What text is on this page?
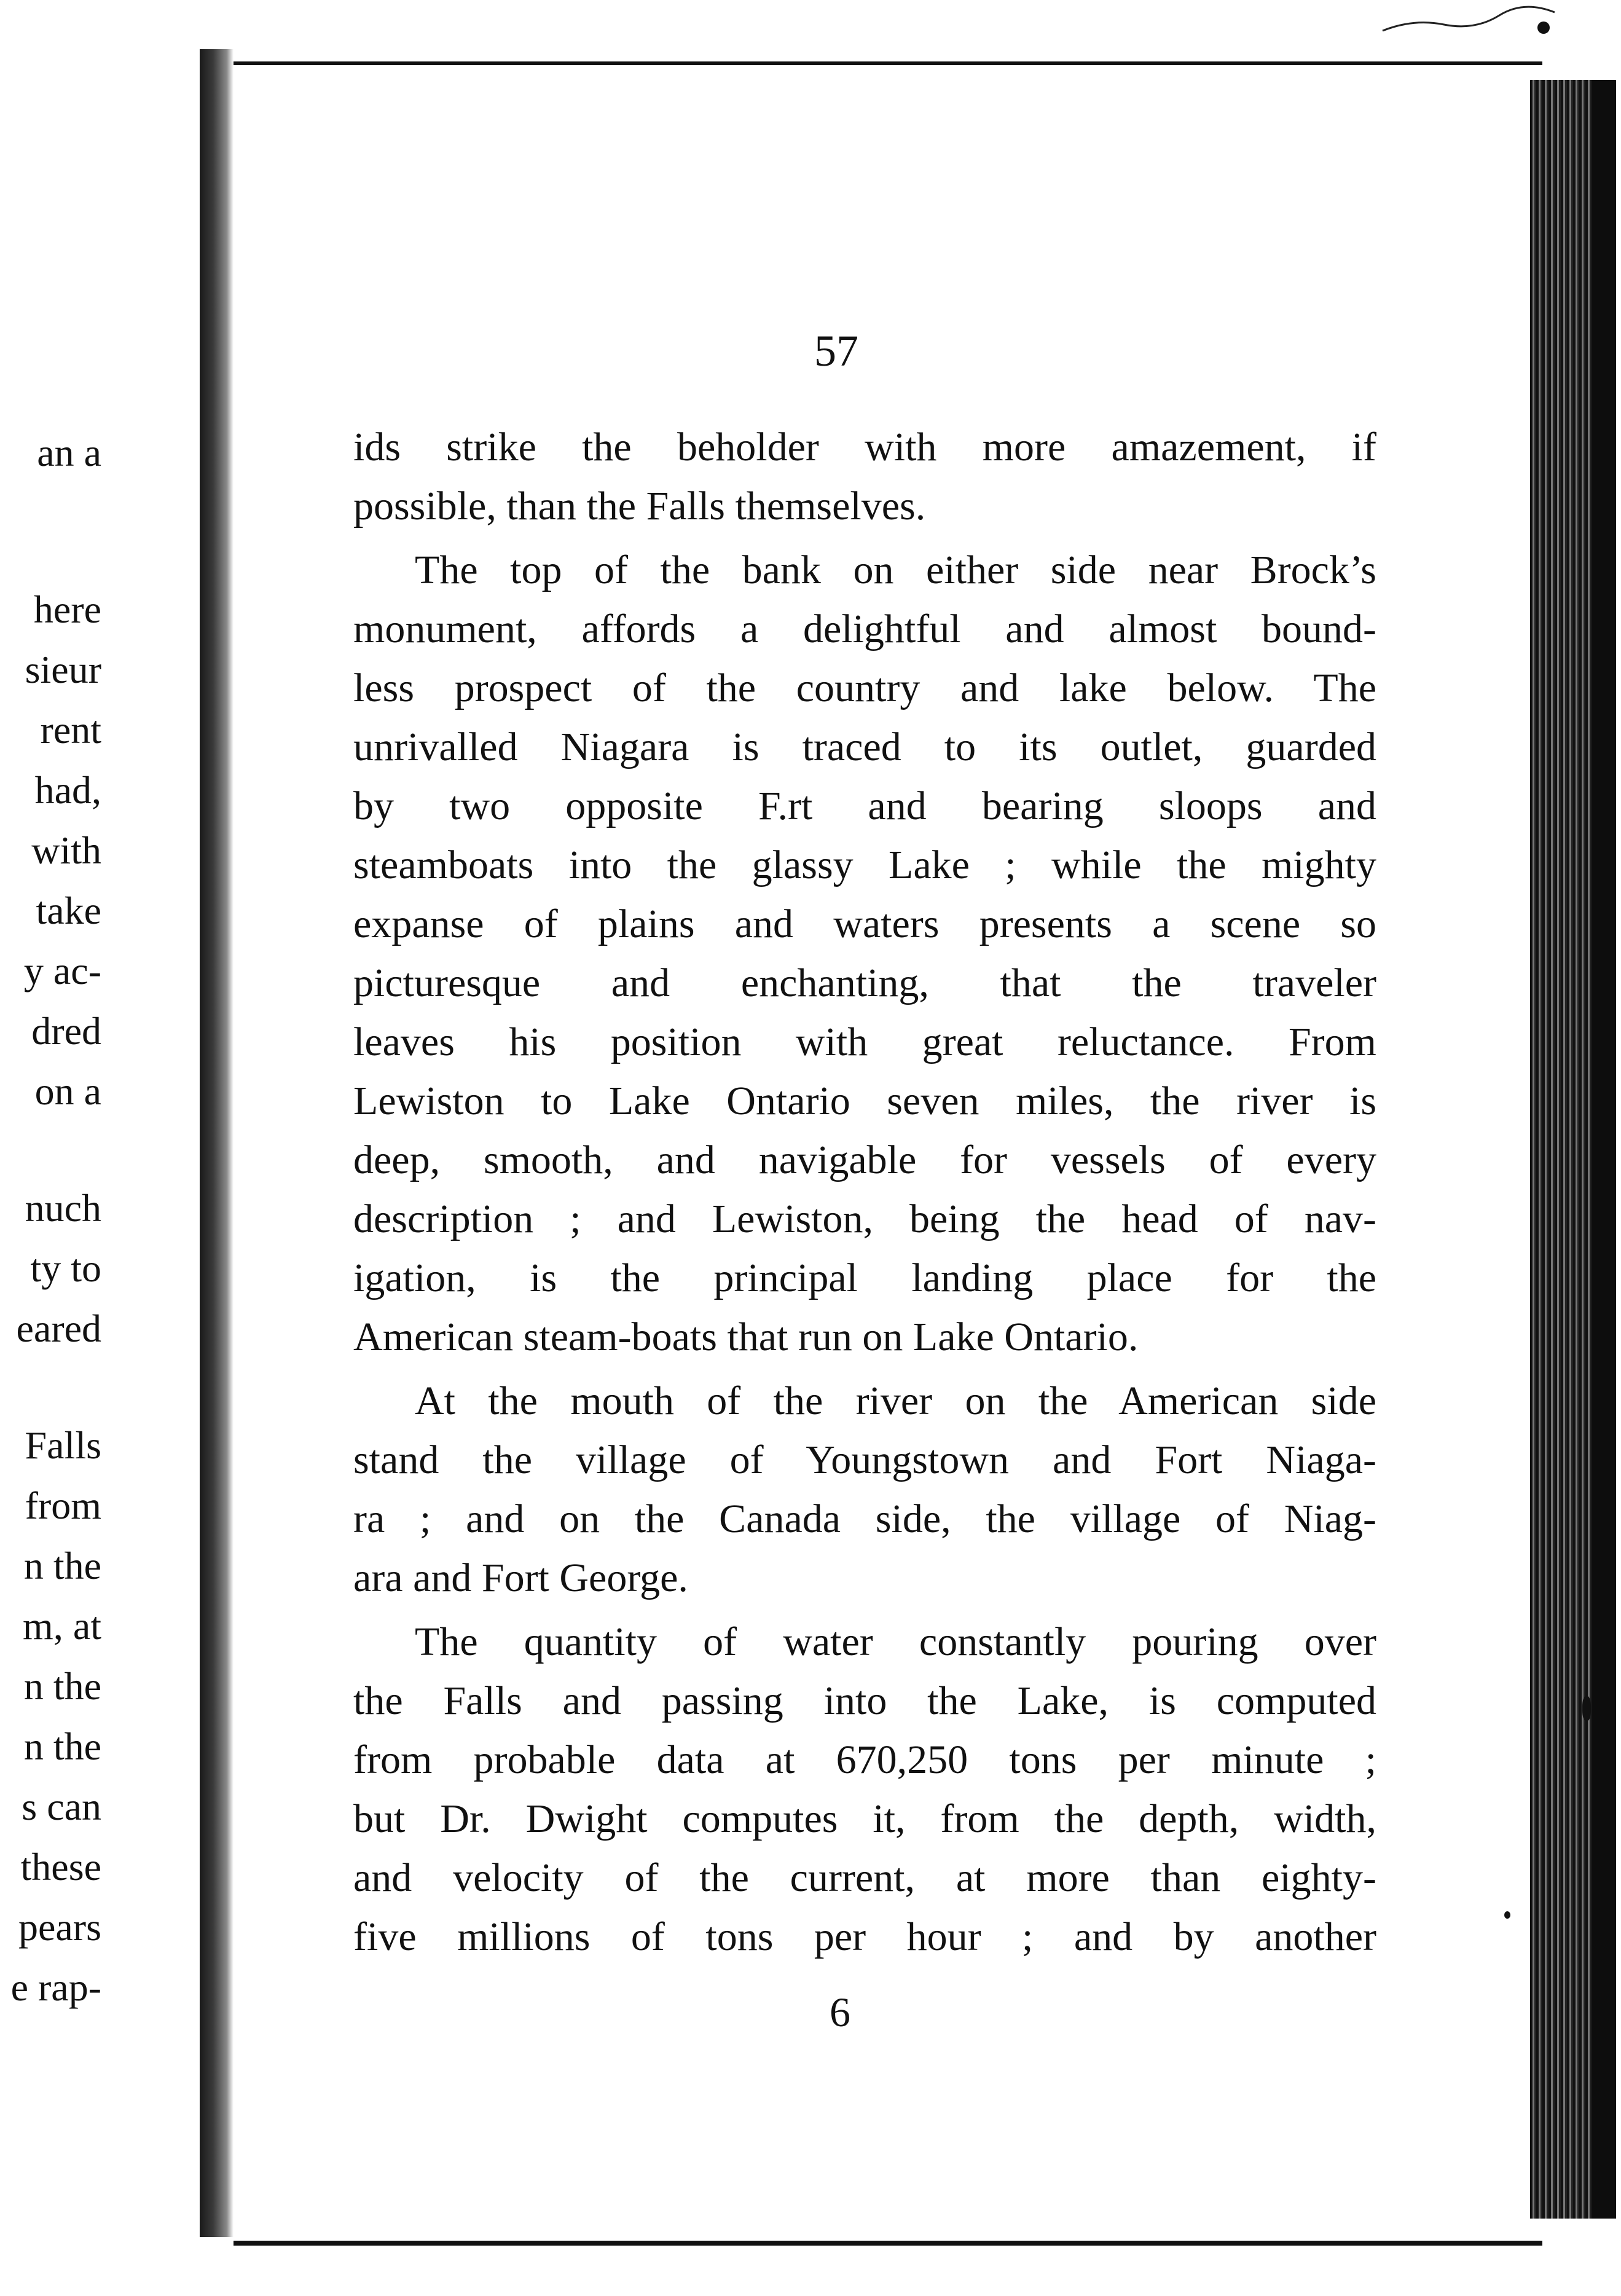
an a
here
sieur
rent
had,
with
take
y ac-
dred
on a
nuch
ty to
eared
Falls
from
n the
m, at
n the
n the
s can
these
pears
e rap-
57
ids strike the beholder with more amazement, if
possible, than the Falls themselves.
The top of the bank on either side near Brock’s
monument, affords a delightful and almost bound-
less prospect of the country and lake below. The
unrivalled Niagara is traced to its outlet, guarded
by two opposite F.rt and bearing sloops and
steamboats into the glassy Lake ; while the mighty
expanse of plains and waters presents a scene so
picturesque and enchanting, that the traveler
leaves his position with great reluctance. From
Lewiston to Lake Ontario seven miles, the river is
deep, smooth, and navigable for vessels of every
description ; and Lewiston, being the head of nav-
igation, is the principal landing place for the
American steam-boats that run on Lake Ontario.
At the mouth of the river on the American side
stand the village of Youngstown and Fort Niaga-
ra ; and on the Canada side, the village of Niag-
ara and Fort George.
The quantity of water constantly pouring over
the Falls and passing into the Lake, is computed
from probable data at 670,250 tons per minute ;
but Dr. Dwight computes it, from the depth, width,
and velocity of the current, at more than eighty-
five millions of tons per hour ; and by another
6
